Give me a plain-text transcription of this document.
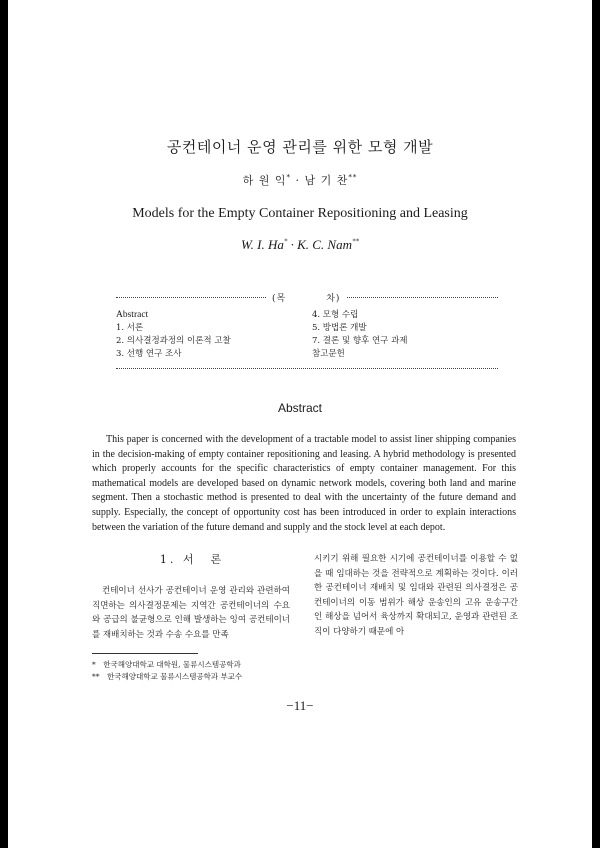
공컨테이너 운영 관리를 위한 모형 개발
하 원 익* · 남 기 찬**
Models for the Empty Container Repositioning and Leasing
W. I. Ha* · K. C. Nam**
(목　　　　차)
Abstract
1. 서론
2. 의사결정과정의 이론적 고찰
3. 선행 연구 조사
4. 모형 수립
5. 방법론 개발
7. 결론 및 향후 연구 과제
참고문헌
Abstract

This paper is concerned with the development of a tractable model to assist liner shipping companies in the decision-making of empty container repositioning and leasing. A hybrid methodology is presented which properly accounts for the specific characteristics of empty container management. For this mathematical models are developed based on dynamic network models, covering both land and marine segment. Then a stochastic method is presented to deal with the uncertainty of the future demand and supply. Especially, the concept of opportunity cost has been introduced in order to explain interactions between the variation of the future demand and supply and the stock level at each depot.

1. 서　론

컨테이너 선사가 공컨테이너 운영 관리와 관련하여 직면하는 의사결정문제는 지역간 공컨테이너의 수요와 공급의 불균형으로 인해 발생하는 잉여 공컨테이너를 재배치하는 것과 수송 수요를 만족

시키기 위해 필요한 시기에 공컨테이너를 이용할 수 없을 때 임대하는 것을 전략적으로 계획하는 것이다. 이러한 공컨테이너 재배치 및 임대와 관련된 의사결정은 공컨테이너의 이동 범위가 해상 운송인의 고유 운송구간인 해상을 넘어서 육상까지 확대되고, 운영과 관련된 조직이 다양하기 때문에 아

*　한국해양대학교 대학원, 물류시스템공학과
**　한국해양대학교 물류시스템공학과 부교수
−11−
